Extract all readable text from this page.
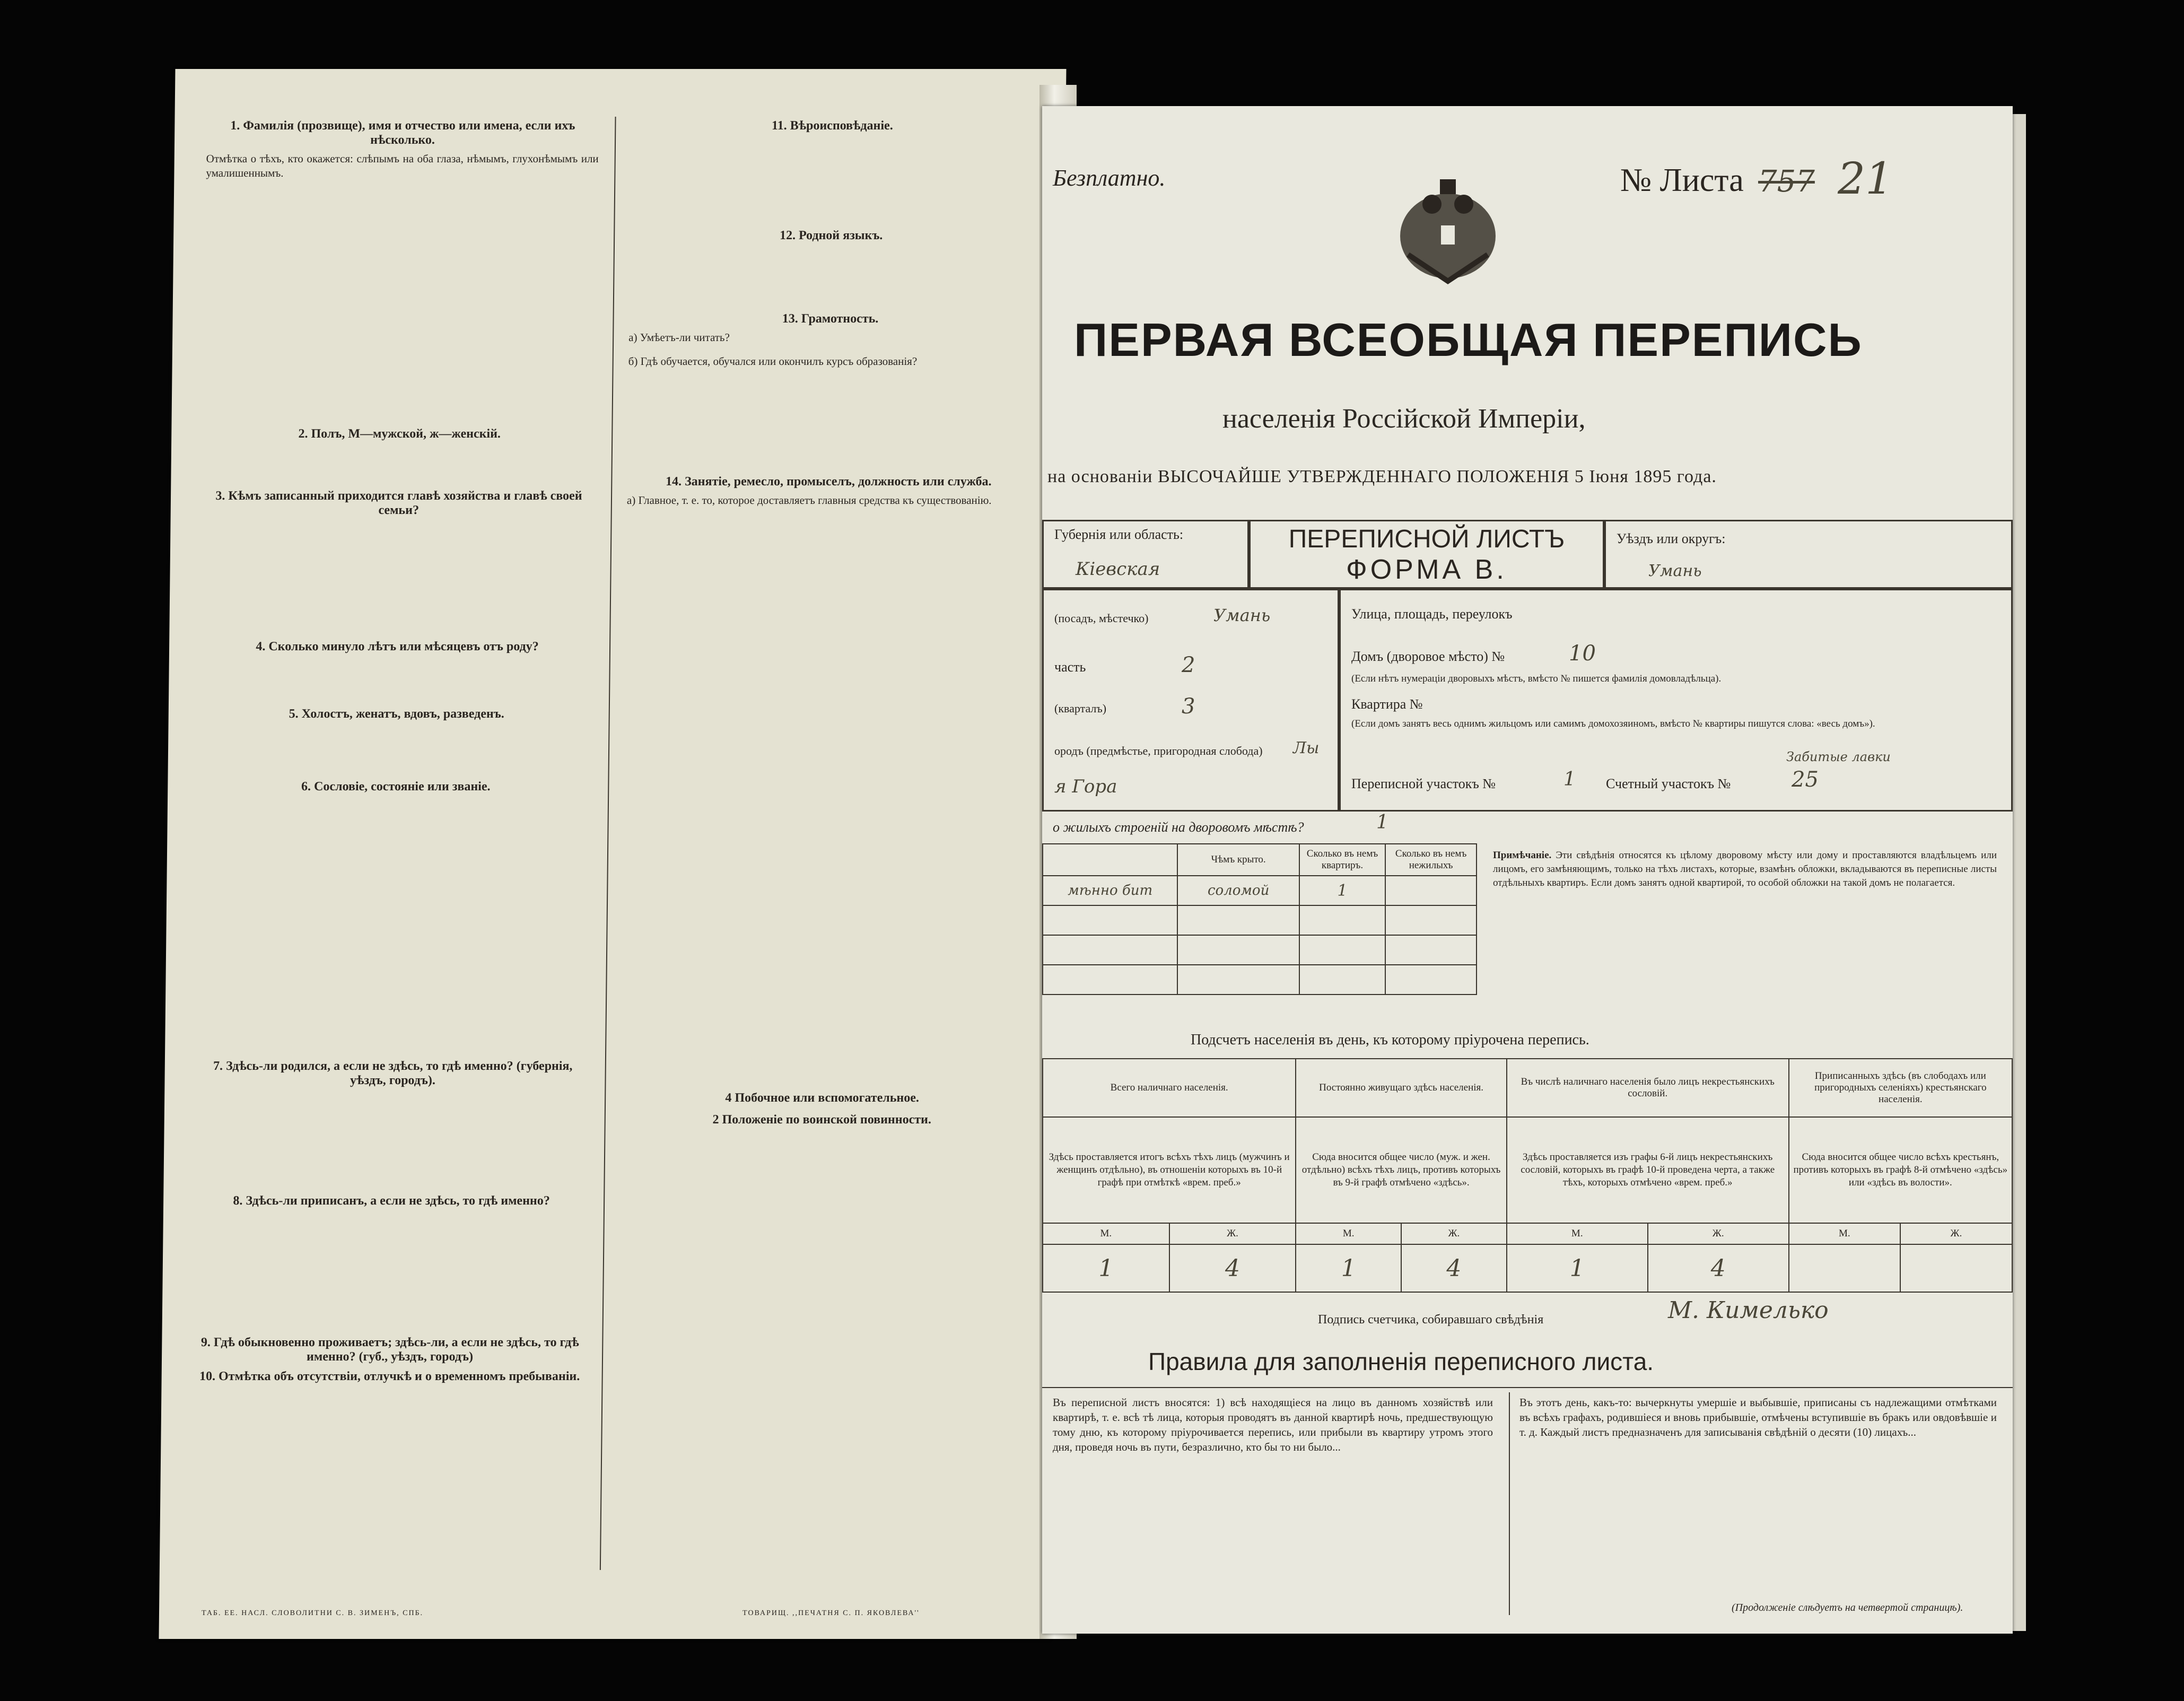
1. Фамилія (прозвище), имя и отчество или имена, если ихъ нѣсколько.

Отмѣтка о тѣхъ, кто окажется: слѣпымъ на оба глаза, нѣмымъ, глухонѣмымъ или умалишеннымъ.

2. Полъ, М—мужской, ж—женскій.
3. Кѣмъ записанный приходится главѣ хозяйства и главѣ своей семьи?
4. Сколько минуло лѣтъ или мѣсяцевъ отъ роду?
5. Холостъ, женатъ, вдовъ, разведенъ.
6. Сословіе, состояніе или званіе.
7. Здѣсь-ли родился, а если не здѣсь, то гдѣ именно? (губернія, уѣздъ, городъ).
8. Здѣсь-ли приписанъ, а если не здѣсь, то гдѣ именно?
9. Гдѣ обыкновенно проживаетъ; здѣсь-ли, а если не здѣсь, то гдѣ именно? (губ., уѣздъ, городъ)
10. Отмѣтка объ отсутствіи, отлучкѣ и о временномъ пребываніи.
11. Вѣроисповѣданіе.
12. Родной языкъ.
13. Грамотность.

а) Умѣетъ-ли читать?

б) Гдѣ обучается, обучался или окончилъ курсъ образованія?

14. Занятіе, ремесло, промыселъ, должность или служба.

а) Главное, т. е. то, которое доставляетъ главныя средства къ существованію.

4 Побочное или вспомогательное.
2 Положеніе по воинской повинности.
ТАБ. ЕЕ. НАСЛ. СЛОВОЛИТНИ С. В. ЗИМЕНЪ, СПБ.	ТОВАРИЩ. ,,ПЕЧАТНЯ С. П. ЯКОВЛЕВА''
Безплатно.	№ Листа 757 21
ПЕРВАЯ ВСЕОБЩАЯ ПЕРЕПИСЬ
населенія Россійской Имперіи,
на основаніи ВЫСОЧАЙШЕ УТВЕРЖДЕННАГО ПОЛОЖЕНІЯ 5 Іюня 1895 года.
Губернія или область:
Кіевская
ПЕРЕПИСНОЙ ЛИСТЪ
ФОРМА В.
Уѣздъ или округъ:
Умань
(посадъ, мѣстечко)	Умань
часть	2
(кварталъ)	3
ородъ (предмѣстье, пригородная слобода) Лы
я Гора
Улица, площадь, переулокъ
Домъ (дворовое мѣсто) №	10
(Если нѣтъ нумераціи дворовыхъ мѣстъ, вмѣсто № пишется фамилія домовладѣльца).
Квартира №
(Если домъ занятъ весь однимъ жильцомъ или самимъ домохозяиномъ, вмѣсто № квартиры пишутся слова: «весь домъ»).
Забитые лавки
Переписной участокъ №	1 Счетный участокъ №	25
о жилыхъ строеній на дворовомъ мѣстѣ?	1
	Чѣмъ крыто.	Сколько въ немъ квартиръ.	Сколько въ немъ нежилыхъ
мѣнно бит	соломой	1	

Примѣчаніе. Эти свѣдѣнія относятся къ цѣлому дворовому мѣсту или дому и проставляются владѣльцемъ или лицомъ, его замѣняющимъ, только на тѣхъ листахъ, которые, взамѣнъ обложки, вкладываются въ переписные листы отдѣльныхъ квартиръ. Если домъ занятъ одной квартирой, то особой обложки на такой домъ не полагается.
Подсчетъ населенія въ день, къ которому пріурочена перепись.
Всего наличнаго населенія.		Постоянно живущаго здѣсь населенія.		Въ числѣ наличнаго населенія было лицъ некрестьянскихъ сословій.		Приписанныхъ здѣсь (въ слободахъ или пригородныхъ селеніяхъ) крестьянскаго населенія.	
Здѣсь проставляется итогъ всѣхъ тѣхъ лицъ (мужчинъ и женщинъ отдѣльно), въ отношеніи которыхъ въ 10-й графѣ при отмѣткѣ «врем. преб.»		Сюда вносится общее число (муж. и жен. отдѣльно) всѣхъ тѣхъ лицъ, противъ которыхъ въ 9-й графѣ отмѣчено «здѣсь».		Здѣсь проставляется изъ графы 6-й лицъ некрестьянскихъ сословій, которыхъ въ графѣ 10-й проведена черта, а также тѣхъ, которыхъ отмѣчено «врем. преб.»		Сюда вносится общее число всѣхъ крестьянъ, противъ которыхъ въ графѣ 8-й отмѣчено «здѣсь» или «здѣсь въ волости».	
М.	Ж.	М.	Ж.	М.	Ж.	М.	Ж.
1	4	1	4	1	4		
Подпись счетчика, собиравшаго свѣдѣнія	М. Кимелько
Правила для заполненія переписного листа.
Въ переписной листъ вносятся: 1) всѣ находящіеся на лицо въ данномъ хозяйствѣ или квартирѣ, т. е. всѣ тѣ лица, которыя проводятъ въ данной квартирѣ ночь, предшествующую тому дню, къ которому пріурочивается перепись, или прибыли въ квартиру утромъ этого дня, проведя ночь въ пути, безразлично, кто бы то ни было...
Въ этотъ день, какъ-то: вычеркнуты умершіе и выбывшіе, приписаны съ надлежащими отмѣтками въ всѣхъ графахъ, родившіеся и вновь прибывшіе, отмѣчены вступившіе въ бракъ или овдовѣвшіе и т. д. Каждый листъ предназначенъ для записыванія свѣдѣній о десяти (10) лицахъ...
(Продолженіе слѣдуетъ на четвертой страницѣ).
